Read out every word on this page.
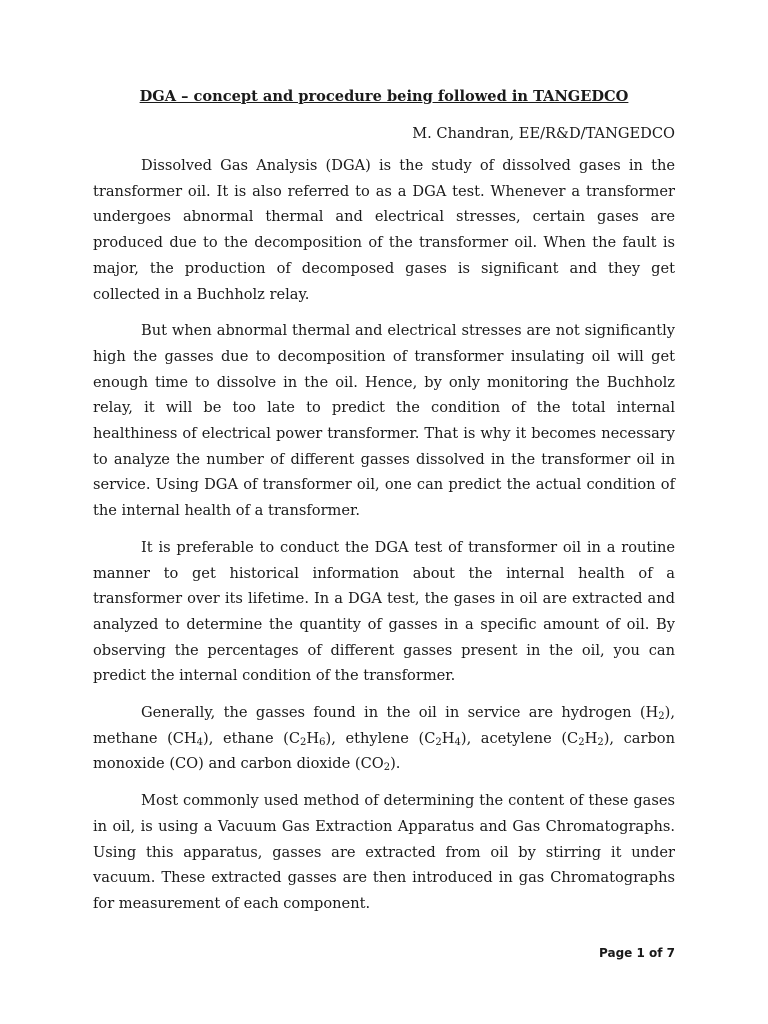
DGA – concept and procedure being followed in TANGEDCO
M. Chandran, EE/R&D/TANGEDCO

Dissolved Gas Analysis (DGA) is the study of dissolved gases in the transformer oil. It is also referred to as a DGA test. Whenever a transformer undergoes abnormal thermal and electrical stresses, certain gases are produced due to the decomposition of the transformer oil. When the fault is major, the production of decomposed gases is significant and they get collected in a Buchholz relay.

But when abnormal thermal and electrical stresses are not significantly high the gasses due to decomposition of transformer insulating oil will get enough time to dissolve in the oil. Hence, by only monitoring the Buchholz relay, it will be too late to predict the condition of the total internal healthiness of electrical power transformer. That is why it becomes necessary to analyze the number of different gasses dissolved in the transformer oil in service. Using DGA of transformer oil, one can predict the actual condition of the internal health of a transformer.

It is preferable to conduct the DGA test of transformer oil in a routine manner to get historical information about the internal health of a transformer over its lifetime. In a DGA test, the gases in oil are extracted and analyzed to determine the quantity of gasses in a specific amount of oil. By observing the percentages of different gasses present in the oil, you can predict the internal condition of the transformer.

Generally, the gasses found in the oil in service are hydrogen $(H_2)$, methane $(CH_4)$, ethane $(C_2H_6)$, ethylene $(C_2H_4)$, acetylene $(C_2H_2)$, carbon monoxide (CO) and carbon dioxide $(CO_2)$.

Most commonly used method of determining the content of these gases in oil, is using a Vacuum Gas Extraction Apparatus and Gas Chromatographs. Using this apparatus, gasses are extracted from oil by stirring it under vacuum. These extracted gasses are then introduced in gas Chromatographs for measurement of each component.

Page 1 of 7
